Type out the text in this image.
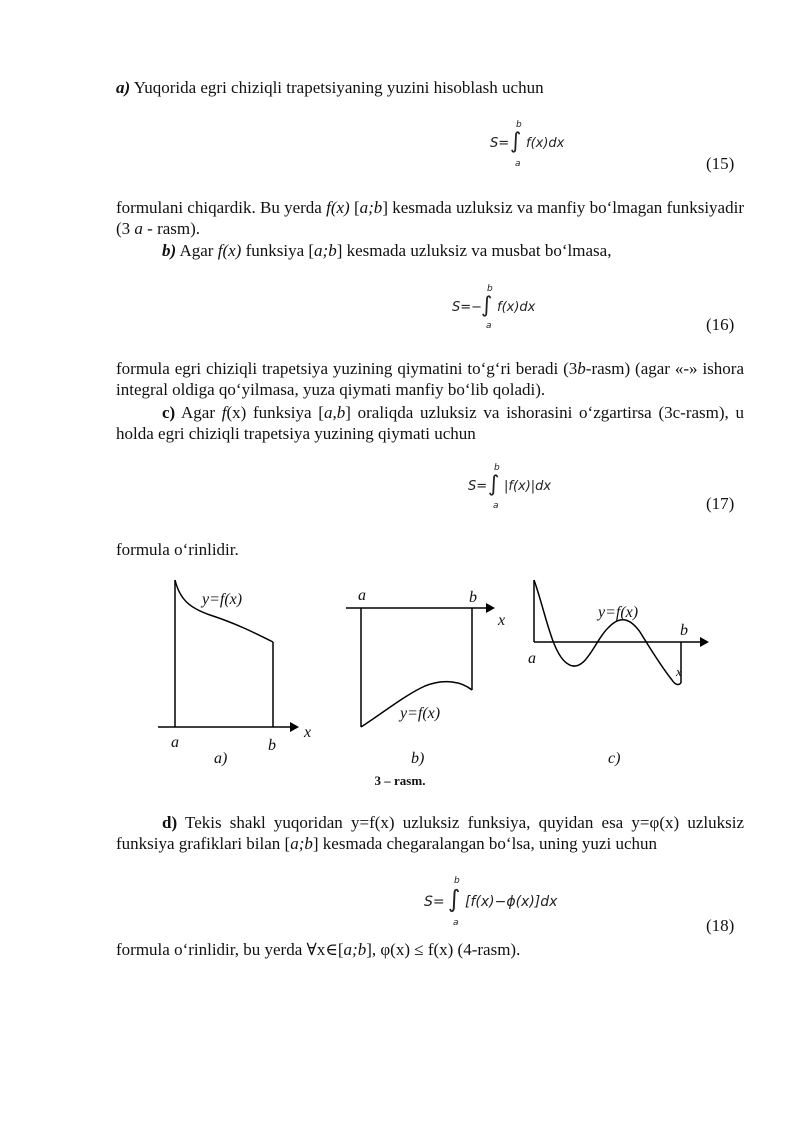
a) Yuqorida egri chiziqli trapetsiyaning yuzini hisoblash uchun
S=
b
∫
a
f(x)dx
(15)
formulani chiqardik. Bu yerda f(x) [a;b] kesmada uzluksiz va manfiy bo‘lmagan funksiyadir (3 a - rasm).
b) Agar f(x) funksiya [a;b] kesmada uzluksiz va musbat bo‘lmasa,
S=−
b
∫
a
f(x)dx
(16)
formula egri chiziqli trapetsiya yuzining qiymatini to‘g‘ri beradi (3b-rasm) (agar «-» ishora integral oldiga qo‘yilmasa, yuza qiymati manfiy bo‘lib qoladi).
c) Agar f(x) funksiya [a,b] oraliqda uzluksiz va ishorasini o‘zgartirsa (3c-rasm), u holda egri chiziqli trapetsiya yuzining qiymati uchun
S=
b
∫
a
|f(x)|dx
(17)
formula o‘rinlidir.
y=f(x)
a	b
x
a)
a	b
x
y=f(x)
b)
y=f(x)
b
a
x
c)
3 – rasm.
d) Tekis shakl yuqoridan y=f(x) uzluksiz funksiya, quyidan esa y=φ(x) uzluksiz funksiya grafiklari bilan [a;b] kesmada chegaralangan bo‘lsa, uning yuzi uchun
S=
b
∫
a
[f(x)−ϕ(x)]dx
(18)
formula o‘rinlidir, bu yerda ∀x∈[a;b], φ(x) ≤ f(x) (4-rasm).
